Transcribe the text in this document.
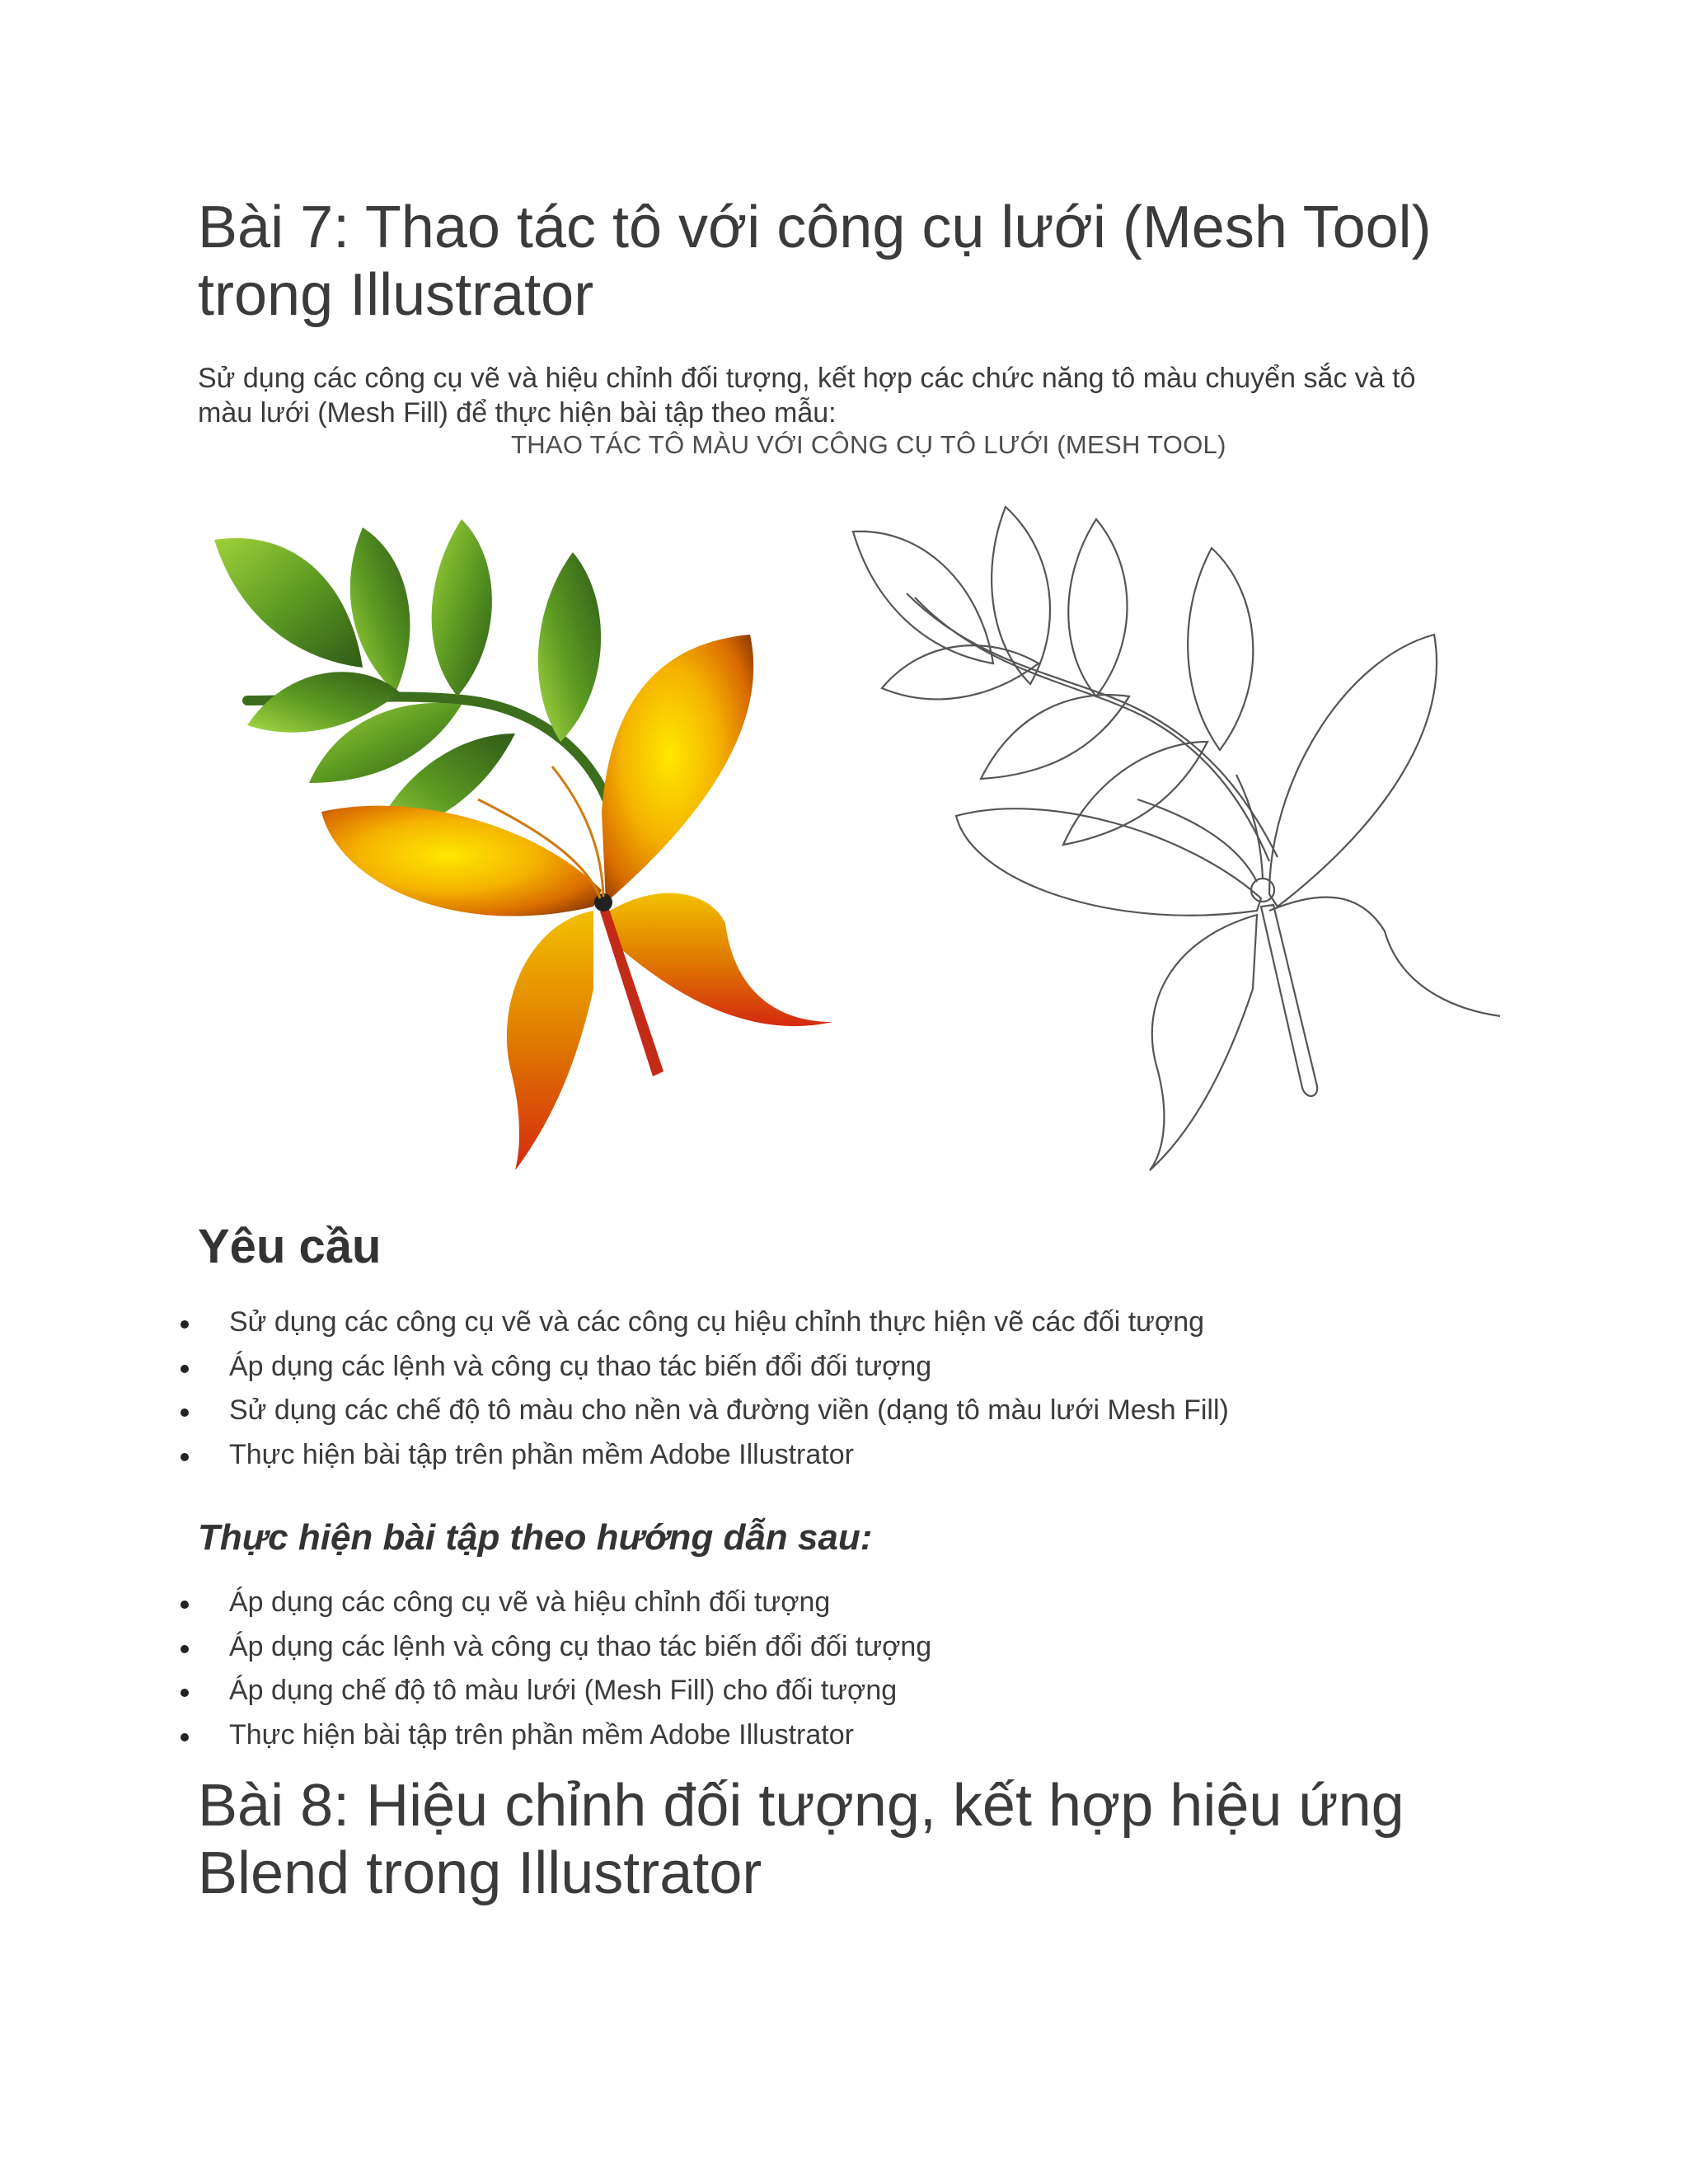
Bài 7: Thao tác tô với công cụ lưới (Mesh Tool)
trong Illustrator

Sử dụng các công cụ vẽ và hiệu chỉnh đối tượng, kết hợp các chức năng tô màu chuyển sắc và tô
màu lưới (Mesh Fill) để thực hiện bài tập theo mẫu:

THAO TÁC TÔ MÀU VỚI CÔNG CỤ TÔ LƯỚI (MESH TOOL)

Yêu cầu
Sử dụng các công cụ vẽ và các công cụ hiệu chỉnh thực hiện vẽ các đối tượng
Áp dụng các lệnh và công cụ thao tác biến đổi đối tượng
Sử dụng các chế độ tô màu cho nền và đường viền (dạng tô màu lưới Mesh Fill)
Thực hiện bài tập trên phần mềm Adobe Illustrator
Thực hiện bài tập theo hướng dẫn sau:
Áp dụng các công cụ vẽ và hiệu chỉnh đối tượng
Áp dụng các lệnh và công cụ thao tác biến đổi đối tượng
Áp dụng chế độ tô màu lưới (Mesh Fill) cho đối tượng
Thực hiện bài tập trên phần mềm Adobe Illustrator
Bài 8: Hiệu chỉnh đối tượng, kết hợp hiệu ứng
Blend trong Illustrator
